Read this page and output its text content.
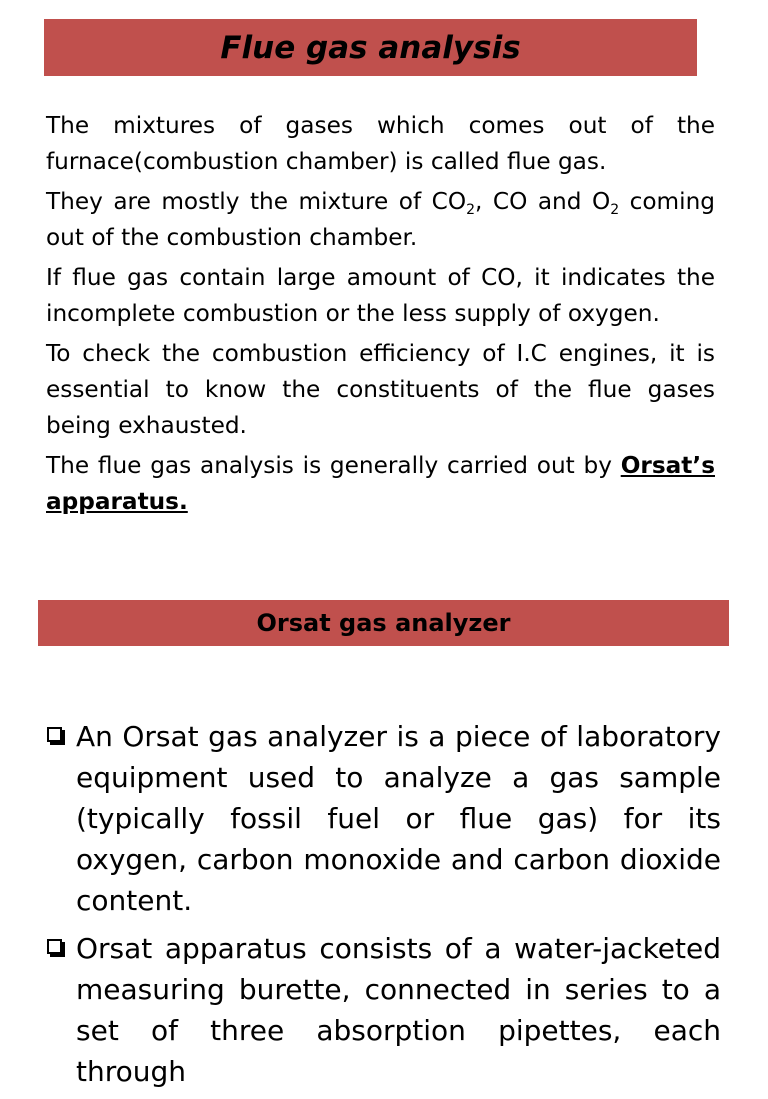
Flue gas analysis

The mixtures of gases which comes out of the furnace(combustion chamber) is called flue gas.

They are mostly the mixture of $CO_2$, CO and $O_2$ coming out of the combustion chamber.

If flue gas contain large amount of CO, it indicates the incomplete combustion or the less supply of oxygen.

To check the combustion efficiency of I.C engines, it is essential to know the constituents of the flue gases being exhausted.

The flue gas analysis is generally carried out by Orsat’s apparatus.

Orsat gas analyzer
An Orsat gas analyzer is a piece of laboratory equipment used to analyze a gas sample (typically fossil fuel or flue gas) for its oxygen, carbon monoxide and carbon dioxide content.
Orsat apparatus consists of a water-jacketed measuring burette, connected in series to a set of three absorption pipettes, each through
